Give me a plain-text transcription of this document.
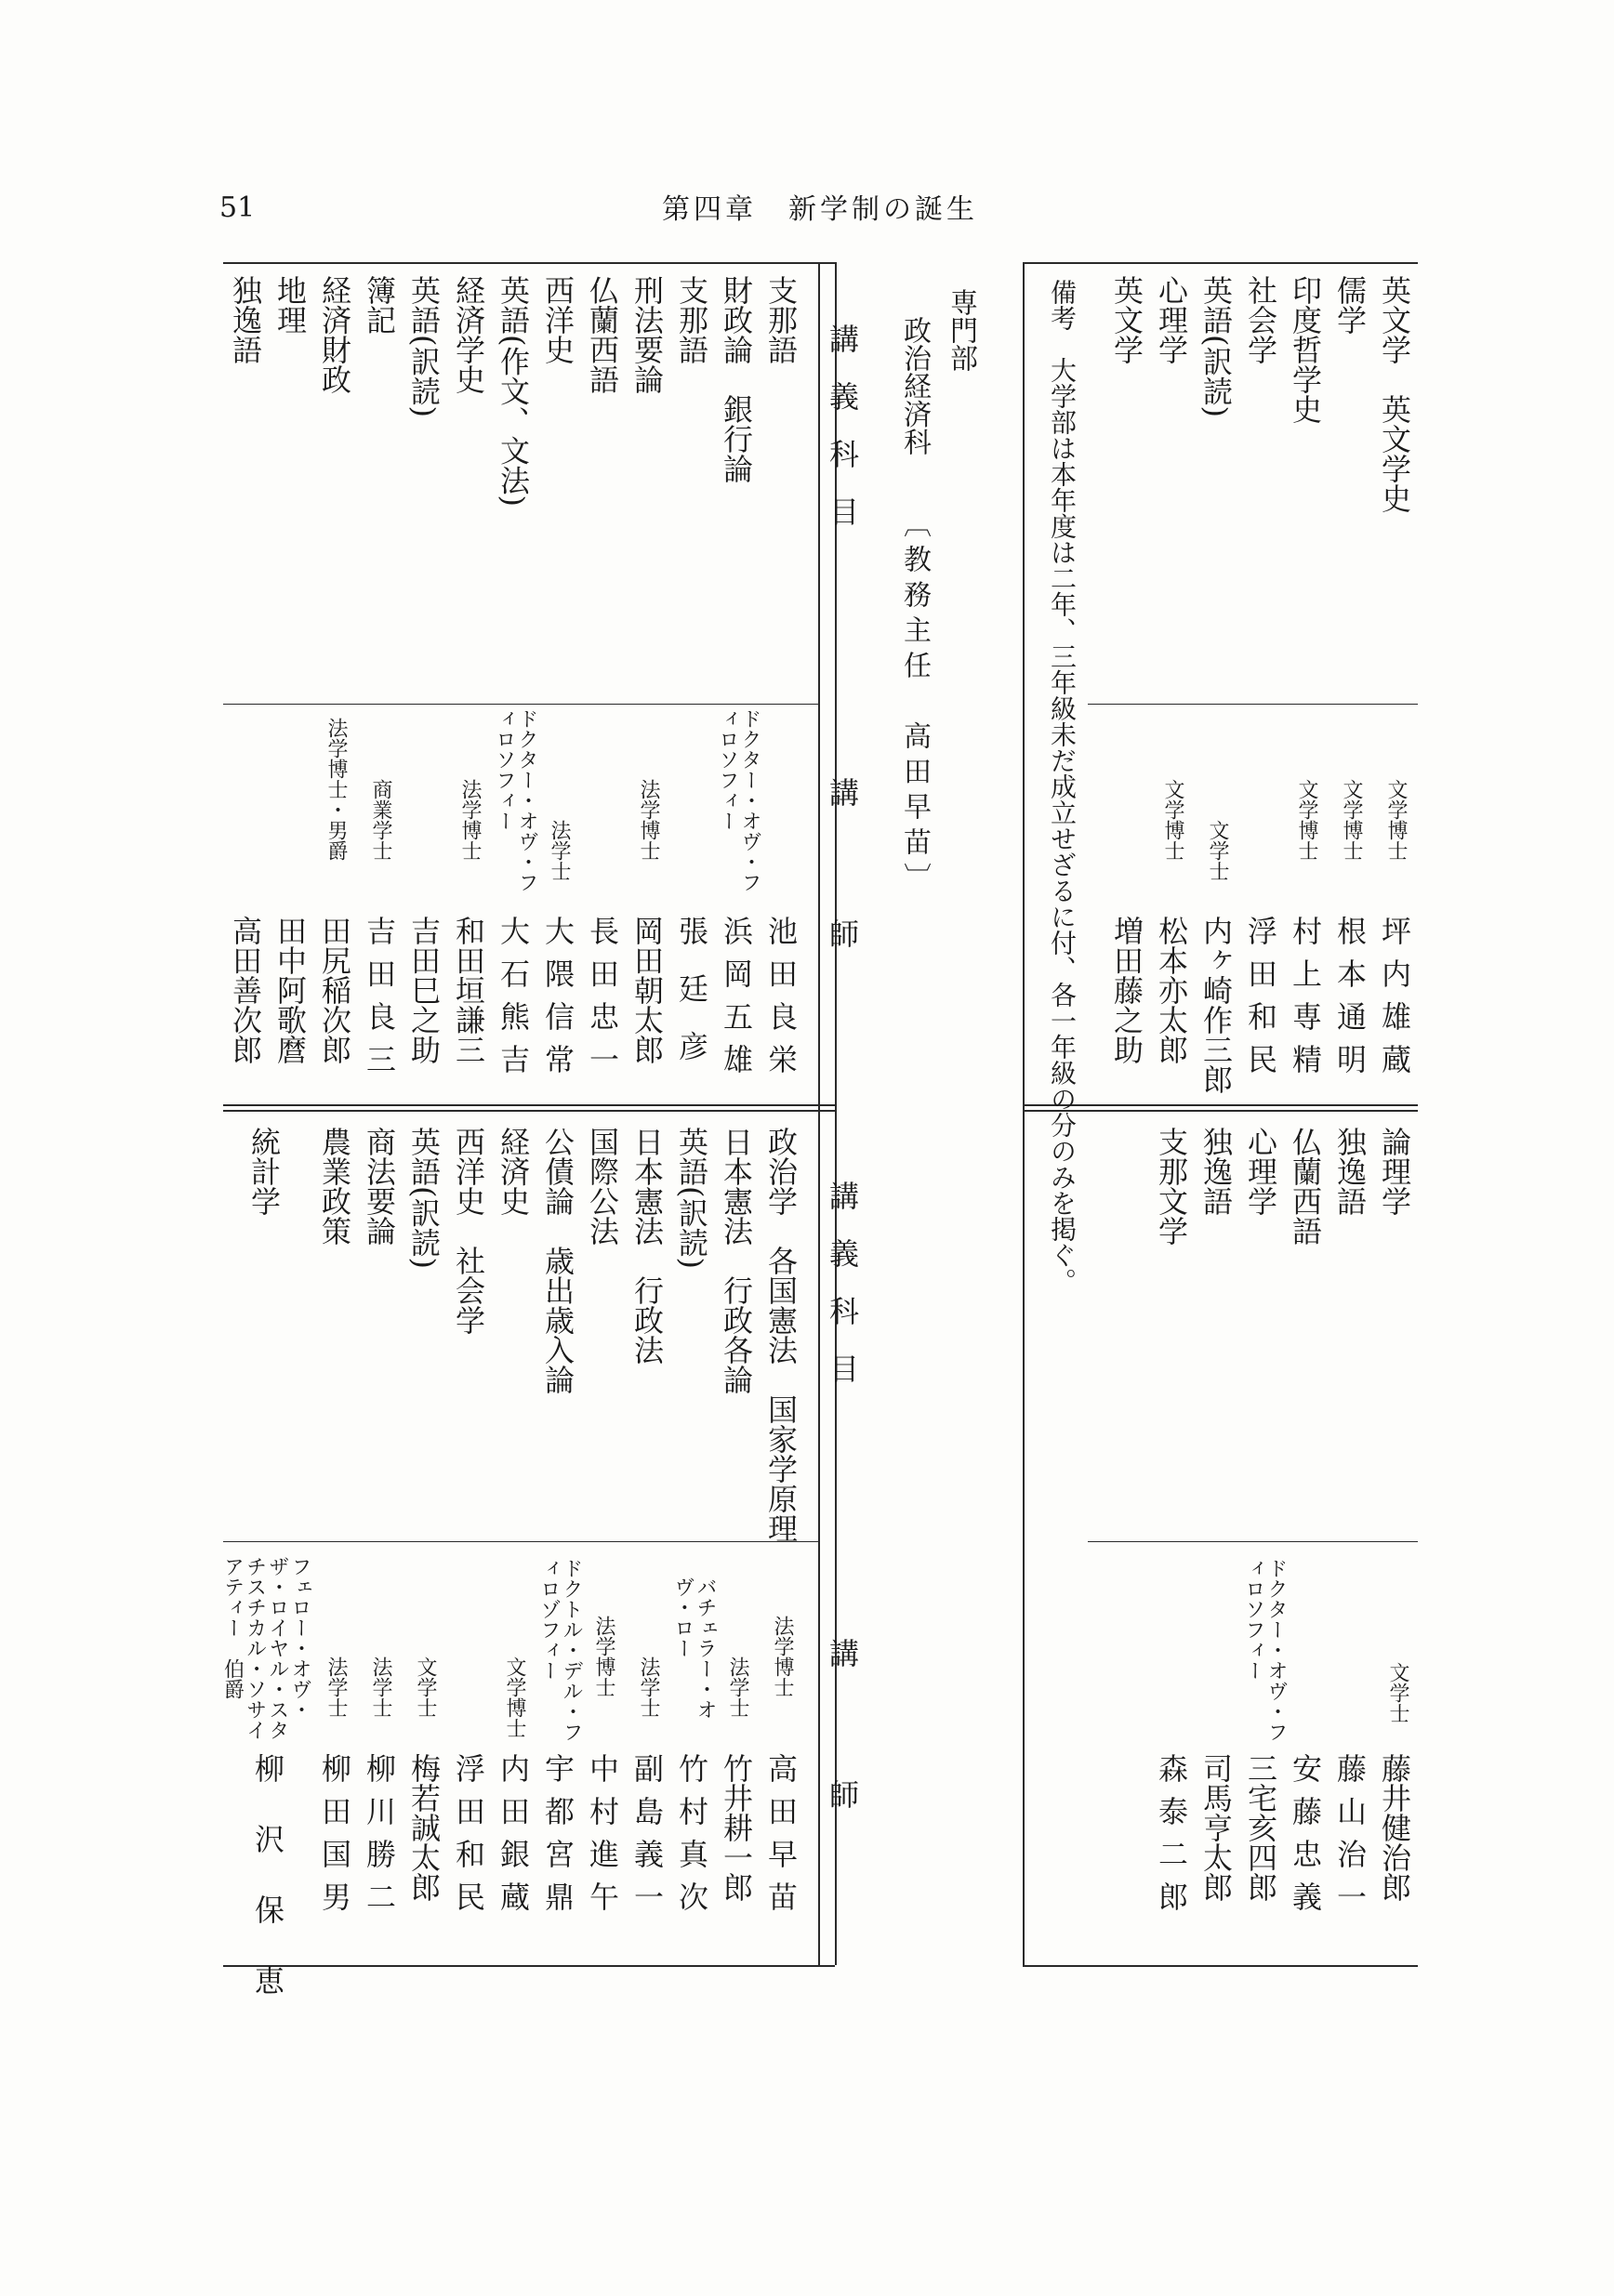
51	第四章　新学制の誕生
英文学　英文学史
儒学
印度哲学史
社会学
英語(訳読)
心理学
英文学
文学博士
坪内雄蔵
文学博士
根本通明
文学博士
村上専精
浮田和民
文学士
内ヶ崎作三郎
文学博士
松本亦太郎
増田藤之助
論理学
独逸語
仏蘭西語
心理学
独逸語
支那文学
文学士
藤井健治郎
藤山治一
安藤忠義
ドクター・オヴ・フィロソフィー
三宅亥四郎
司馬亨太郎
森泰二郎
備考　大学部は本年度は二年、三年級未だ成立せざるに付、各一年級の分のみを掲ぐ。
専門部
政治経済科
〔教務主任　高田早苗〕
講義科目
講師
講義科目
講師
支那語
財政論　銀行論
支那語
刑法要論
仏蘭西語
西洋史
英語(作文、文法)
経済学史
英語(訳読)
簿記
経済財政
地理
独逸語
池田良栄
ドクター・オヴ・フィロソフィー
浜岡五雄
張廷彦
法学博士
岡田朝太郎
長田忠一
法学士
大隈信常
ドクター・オヴ・フィロソフィー
大石熊吉
法学博士
和田垣謙三
吉田巳之助
商業学士
吉田良三
法学博士・男爵
田尻稲次郎
田中阿歌麿
高田善次郎
政治学　各国憲法　国家学原理
日本憲法　行政各論
英語(訳読)
日本憲法　行政法
国際公法
公債論　歳出歳入論
経済史
西洋史　社会学
英語(訳読)
商法要論
農業政策
統計学
法学博士
高田早苗
法学士
竹井耕一郎
バチェラー・オヴ・ロー
竹村真次
法学士
副島義一
法学博士
中村進午
ドクトル・デル・フィロゾフィー
宇都宮鼎
文学博士
内田銀蔵
浮田和民
文学士
梅若誠太郎
法学士
柳川勝二
法学士
柳田国男
フェロー・オヴ・ザ・ロイヤル・スタチスチカル・ソサイアティー　伯爵
柳沢保恵
